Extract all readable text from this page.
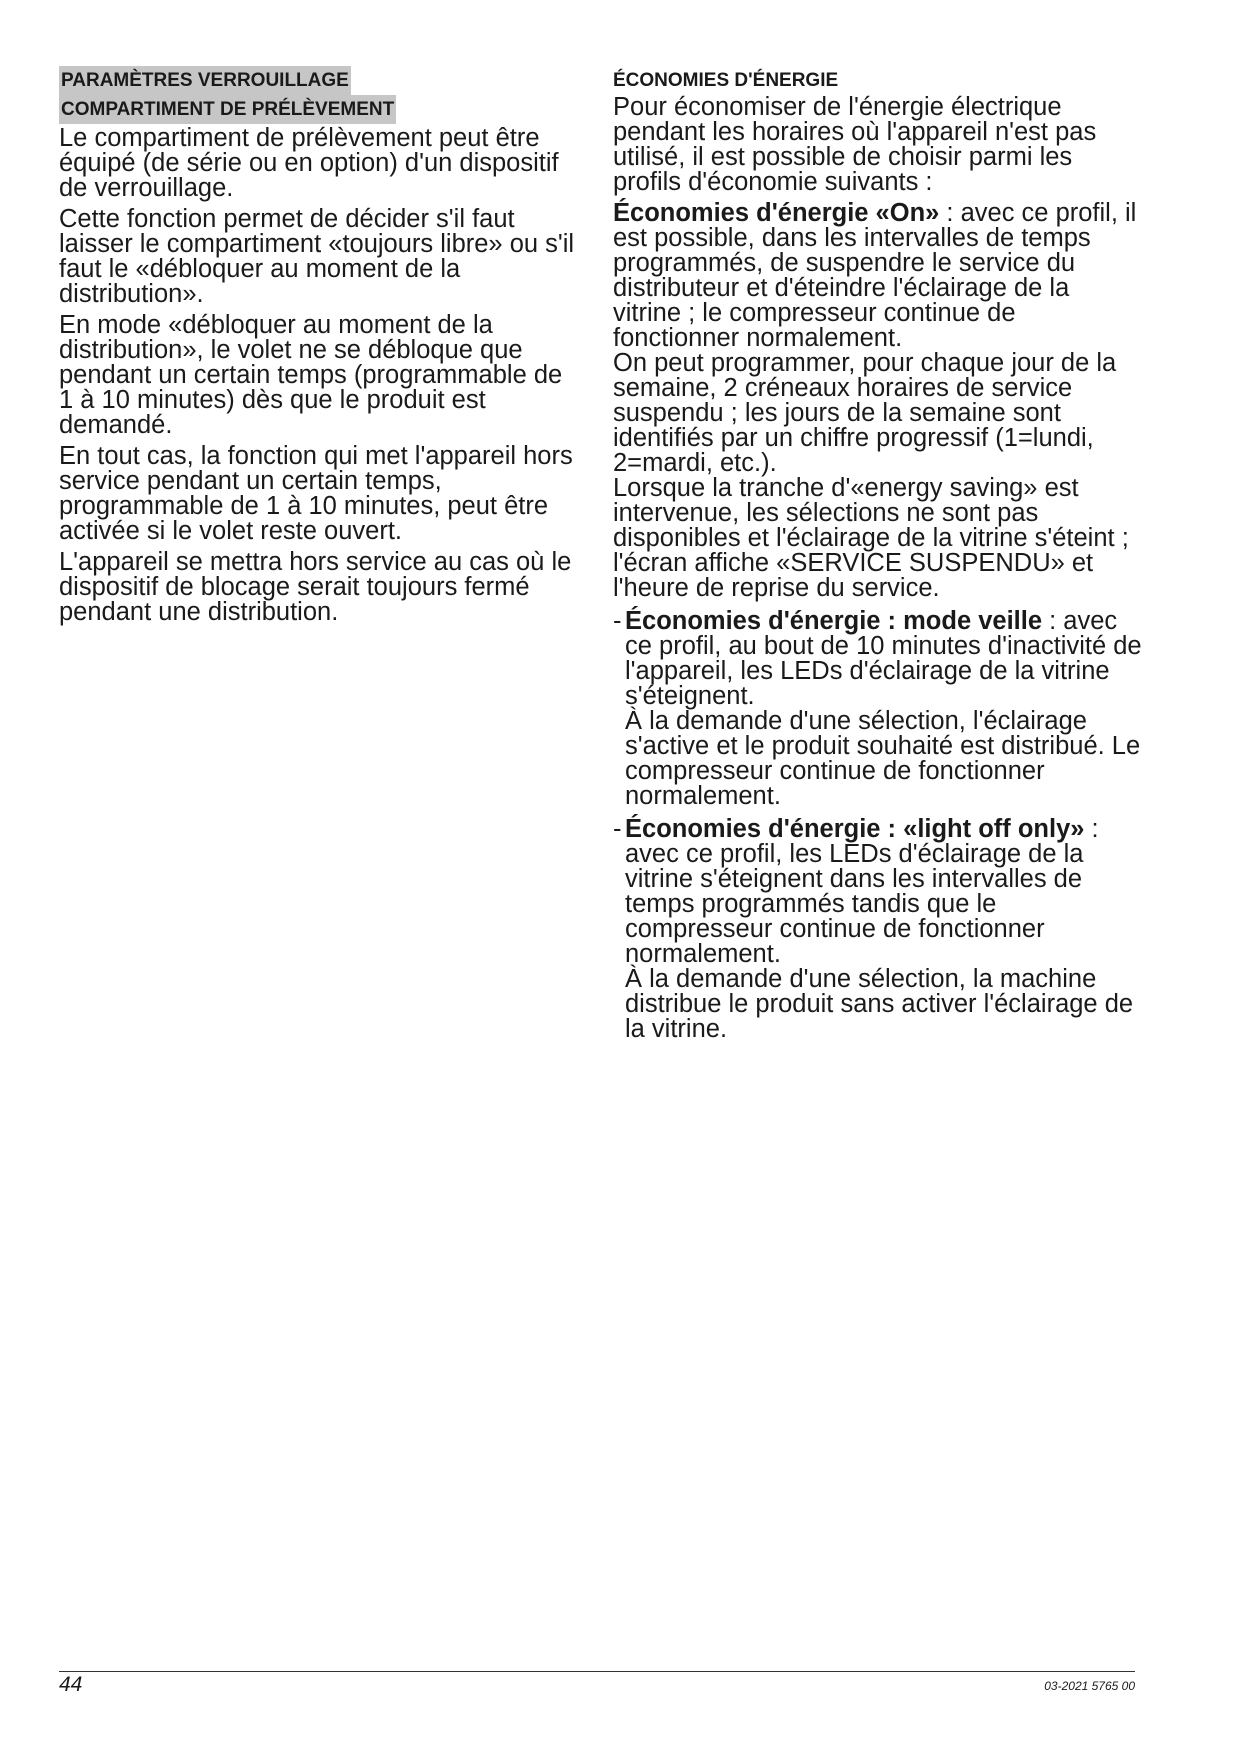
PARAMÈTRES VERROUILLAGE
COMPARTIMENT DE PRÉLÈVEMENT

Le compartiment de prélèvement peut être équipé (de série ou en option) d'un dispositif de verrouillage.

Cette fonction permet de décider s'il faut laisser le compartiment «toujours libre» ou s'il faut le «débloquer au moment de la distribution».

En mode «débloquer au moment de la distribution», le volet ne se débloque que pendant un certain temps (programmable de 1 à 10 minutes) dès que le produit est demandé.

En tout cas, la fonction qui met l'appareil hors service pendant un certain temps, programmable de 1 à 10 minutes, peut être activée si le volet reste ouvert.

L'appareil se mettra hors service au cas où le dispositif de blocage serait toujours fermé pendant une distribution.

ÉCONOMIES D'ÉNERGIE

Pour économiser de l'énergie électrique pendant les horaires où l'appareil n'est pas utilisé, il est possible de choisir parmi les profils d'économie suivants :

Économies d'énergie «On» : avec ce profil, il est possible, dans les intervalles de temps programmés, de suspendre le service du distributeur et d'éteindre l'éclairage de la vitrine ; le compresseur continue de fonctionner normalement.

On peut programmer, pour chaque jour de la semaine, 2 créneaux horaires de service suspendu ; les jours de la semaine sont identifiés par un chiffre progressif (1=lundi, 2=mardi, etc.).

Lorsque la tranche d'«energy saving» est intervenue, les sélections ne sont pas disponibles et l'éclairage de la vitrine s'éteint ; l'écran affiche «SERVICE SUSPENDU» et l'heure de reprise du service.

- Économies d'énergie : mode veille : avec ce profil, au bout de 10 minutes d'inactivité de l'appareil, les LEDs d'éclairage de la vitrine s'éteignent.
À la demande d'une sélection, l'éclairage s'active et le produit souhaité est distribué. Le compresseur continue de fonctionner normalement.
- Économies d'énergie : «light off only» : avec ce profil, les LEDs d'éclairage de la vitrine s'éteignent dans les intervalles de temps programmés tandis que le compresseur continue de fonctionner normalement.
À la demande d'une sélection, la machine distribue le produit sans activer l'éclairage de la vitrine.
44	03-2021 5765 00
